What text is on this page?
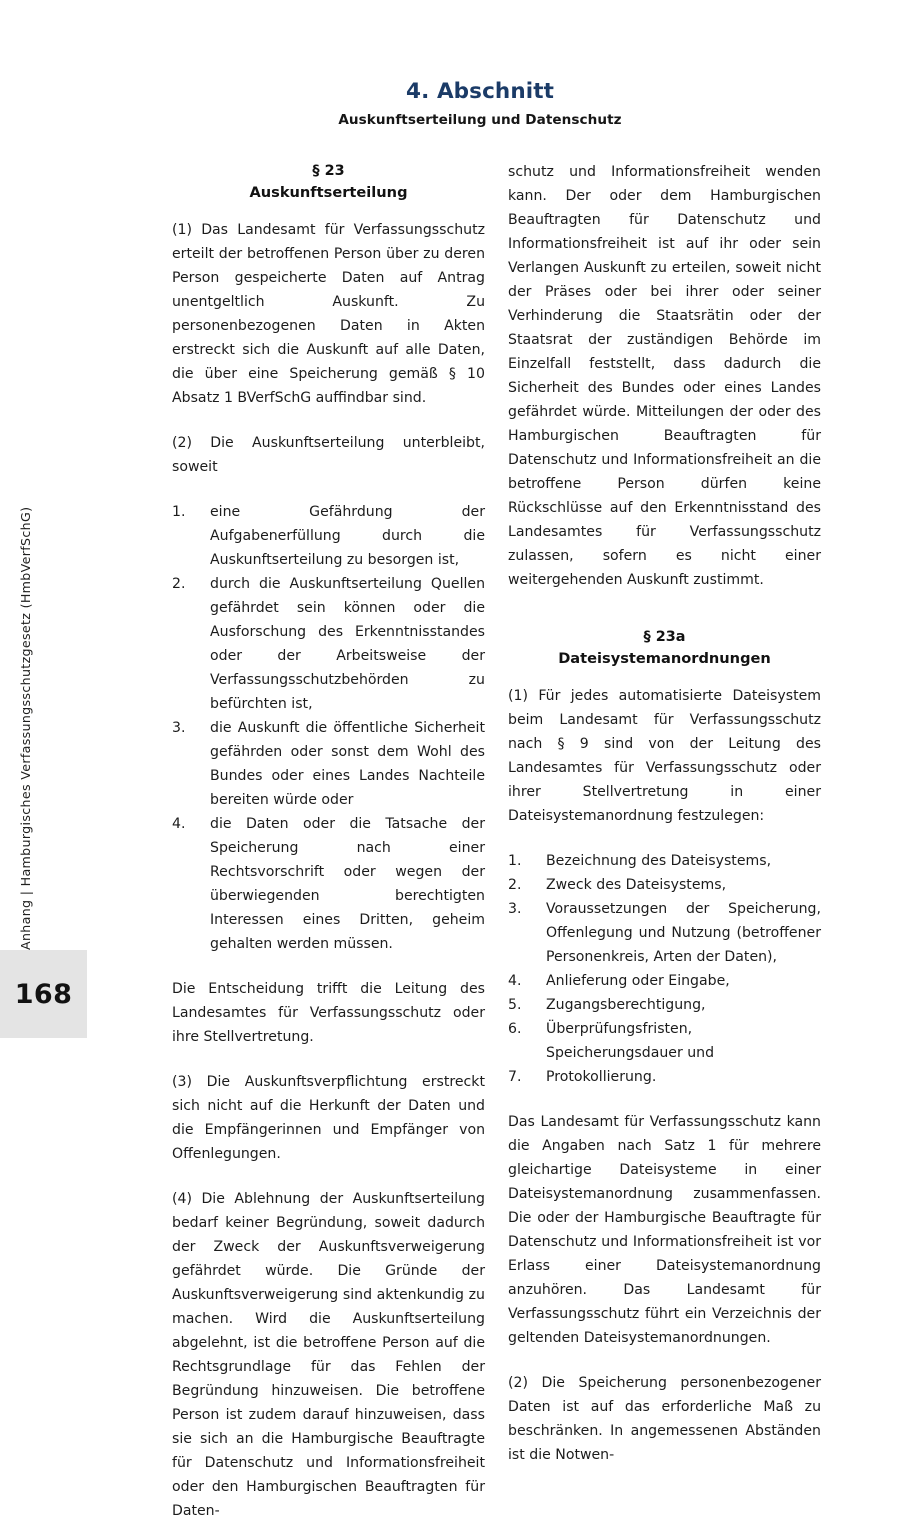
Anhang | Hamburgisches Verfassungsschutzgesetz (HmbVerfSchG)
168
4. Abschnitt
Auskunftserteilung und Datenschutz
§ 23
Auskunftserteilung

(1) Das Landesamt für Verfassungsschutz erteilt der betroffenen Person über zu deren Person gespeicherte Daten auf Antrag unentgeltlich Auskunft. Zu personenbezogenen Daten in Akten erstreckt sich die Auskunft auf alle Daten, die über eine Speicherung gemäß § 10 Absatz 1 BVerfSchG auffindbar sind.

(2) Die Auskunftserteilung unterbleibt, soweit

1.	eine Gefährdung der Aufgabenerfüllung durch die Auskunftserteilung zu besorgen ist,
2.	durch die Auskunftserteilung Quellen gefährdet sein können oder die Ausforschung des Erkenntnisstandes oder der Arbeitsweise der Verfassungsschutzbehörden zu befürchten ist,
3.	die Auskunft die öffentliche Sicherheit gefährden oder sonst dem Wohl des Bundes oder eines Landes Nachteile bereiten würde oder
4.	die Daten oder die Tatsache der Speicherung nach einer Rechtsvorschrift oder wegen der überwiegenden berechtigten Interessen eines Dritten, geheim gehalten werden müssen.

Die Entscheidung trifft die Leitung des Landesamtes für Verfassungsschutz oder ihre Stellvertretung.

(3) Die Auskunftsverpflichtung erstreckt sich nicht auf die Herkunft der Daten und die Empfängerinnen und Empfänger von Offenlegungen.

(4) Die Ablehnung der Auskunftserteilung bedarf keiner Begründung, soweit dadurch der Zweck der Auskunftsverweigerung gefährdet würde. Die Gründe der Auskunftsverweigerung sind aktenkundig zu machen. Wird die Auskunftserteilung abgelehnt, ist die betroffene Person auf die Rechtsgrundlage für das Fehlen der Begründung hinzuweisen. Die betroffene Person ist zudem darauf hinzuweisen, dass sie sich an die Hamburgische Beauftragte für Datenschutz und Informationsfreiheit oder den Hamburgischen Beauftragten für Daten-

schutz und Informationsfreiheit wenden kann. Der oder dem Hamburgischen Beauftragten für Datenschutz und Informationsfreiheit ist auf ihr oder sein Verlangen Auskunft zu erteilen, soweit nicht der Präses oder bei ihrer oder seiner Verhinderung die Staatsrätin oder der Staatsrat der zuständigen Behörde im Einzelfall feststellt, dass dadurch die Sicherheit des Bundes oder eines Landes gefährdet würde. Mitteilungen der oder des Hamburgischen Beauftragten für Datenschutz und Informationsfreiheit an die betroffene Person dürfen keine Rückschlüsse auf den Erkenntnisstand des Landesamtes für Verfassungsschutz zulassen, sofern es nicht einer weitergehenden Auskunft zustimmt.

§ 23a
Dateisystemanordnungen

(1) Für jedes automatisierte Dateisystem beim Landesamt für Verfassungsschutz nach § 9 sind von der Leitung des Landesamtes für Verfassungsschutz oder ihrer Stellvertretung in einer Dateisystemanordnung festzulegen:

1.	Bezeichnung des Dateisystems,
2.	Zweck des Dateisystems,
3.	Voraussetzungen der Speicherung, Offenlegung und Nutzung (betroffener Personenkreis, Arten der Daten),
4.	Anlieferung oder Eingabe,
5.	Zugangsberechtigung,
6.	Überprüfungsfristen, Speicherungsdauer und
7.	Protokollierung.

Das Landesamt für Verfassungsschutz kann die Angaben nach Satz 1 für mehrere gleichartige Dateisysteme in einer Dateisystemanordnung zusammenfassen. Die oder der Hamburgische Beauftragte für Datenschutz und Informationsfreiheit ist vor Erlass einer Dateisystemanordnung anzuhören. Das Landesamt für Verfassungsschutz führt ein Verzeichnis der geltenden Dateisystemanordnungen.

(2) Die Speicherung personenbezogener Daten ist auf das erforderliche Maß zu beschränken. In angemessenen Abständen ist die Notwen-
